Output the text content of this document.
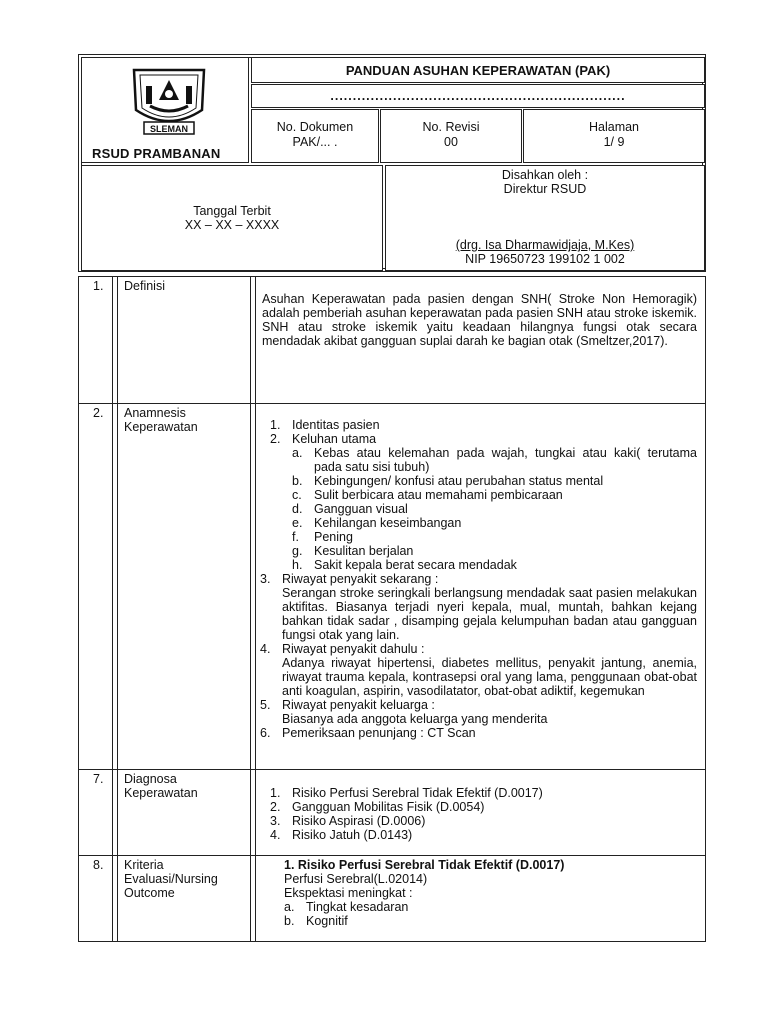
SLEMAN
RSUD PRAMBANAN
PANDUAN ASUHAN KEPERAWATAN (PAK)
..................................................................
No. Dokumen
PAK/... .
No. Revisi
00
Halaman
1/ 9
Tanggal Terbit
XX – XX – XXXX
Disahkan oleh :
Direktur RSUD
(drg. Isa Dharmawidjaja, M.Kes)
NIP 19650723 199102 1 002
1. Definisi
Asuhan Keperawatan pada pasien dengan SNH( Stroke Non Hemoragik) adalah pemberiah asuhan keperawatan pada pasien SNH atau stroke iskemik. SNH atau stroke iskemik yaitu keadaan hilangnya fungsi otak secara mendadak akibat gangguan suplai darah ke bagian otak (Smeltzer,2017).
2. Anamnesis
Keperawatan	1. Identitas pasien
2. Keluhan utama
a. Kebas atau kelemahan pada wajah, tungkai atau kaki( terutama pada satu sisi tubuh)
b. Kebingungen/ konfusi atau perubahan status mental
c. Sulit berbicara atau memahami pembicaraan
d. Gangguan visual
e. Kehilangan keseimbangan
f. Pening
g. Kesulitan berjalan
h. Sakit kepala berat secara mendadak
3. Riwayat penyakit sekarang :
Serangan stroke seringkali berlangsung mendadak saat pasien melakukan aktifitas. Biasanya terjadi nyeri kepala, mual, muntah, bahkan kejang bahkan tidak sadar , disamping gejala kelumpuhan badan atau gangguan fungsi otak yang lain.
4. Riwayat penyakit dahulu :
Adanya riwayat hipertensi, diabetes mellitus, penyakit jantung, anemia, riwayat trauma kepala, kontrasepsi oral yang lama, penggunaan obat-obat anti koagulan, aspirin, vasodilatator, obat-obat adiktif, kegemukan
5. Riwayat penyakit keluarga :
Biasanya ada anggota keluarga yang menderita
6. Pemeriksaan penunjang : CT Scan
7. Diagnosa
Keperawatan	1. Risiko Perfusi Serebral Tidak Efektif (D.0017)
2. Gangguan Mobilitas Fisik (D.0054)
3. Risiko Aspirasi (D.0006)
4. Risiko Jatuh (D.0143)
8. Kriteria
Evaluasi/Nursing
Outcome
1. Risiko Perfusi Serebral Tidak Efektif (D.0017)
Perfusi Serebral(L.02014)
Ekspektasi meningkat :
a. Tingkat kesadaran
b. Kognitif
